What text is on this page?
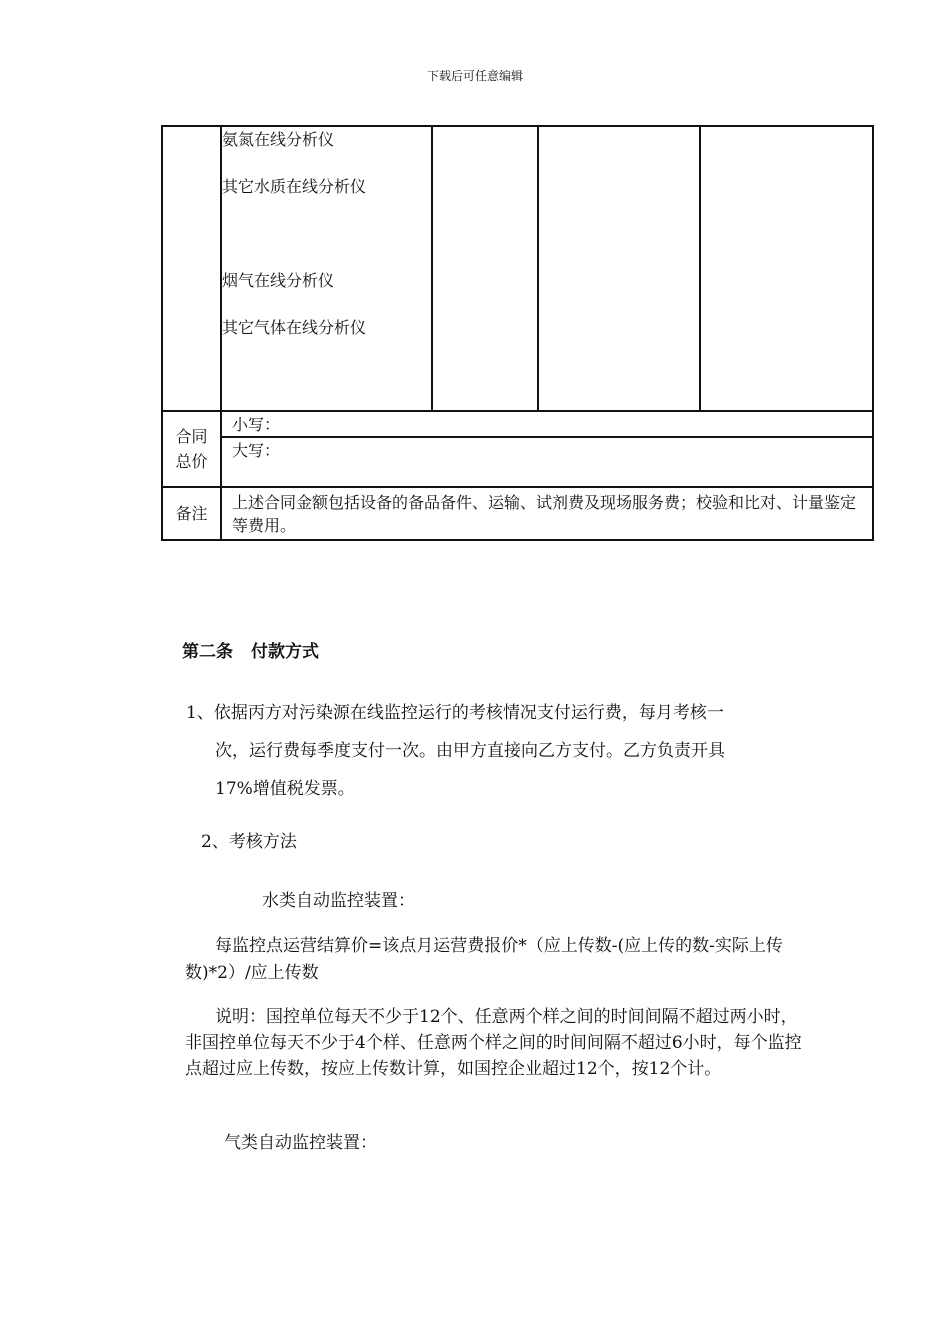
下载后可任意编辑

	氨氮在线分析仪
其它水质在线分析仪
烟气在线分析仪
其它气体在线分析仪			

合同
总价	小写：			
	大写：			
备注	上述合同金额包括设备的备品备件、运输、试剂费及现场服务费；校验和比对、计量鉴定等费用。			
第二条 付款方式
1、依据丙方对污染源在线监控运行的考核情况支付运行费，每月考核一
次，运行费每季度支付一次。由甲方直接向乙方支付。乙方负责开具
17%增值税发票。
2、考核方法
水类自动监控装置：
每监控点运营结算价=该点月运营费报价*（应上传数-(应上传的数-实际上传数)*2）/应上传数
说明：国控单位每天不少于12个、任意两个样之间的时间间隔不超过两小时，非国控单位每天不少于4个样、任意两个样之间的时间间隔不超过6小时，每个监控点超过应上传数，按应上传数计算，如国控企业超过12个，按12个计。
气类自动监控装置：
